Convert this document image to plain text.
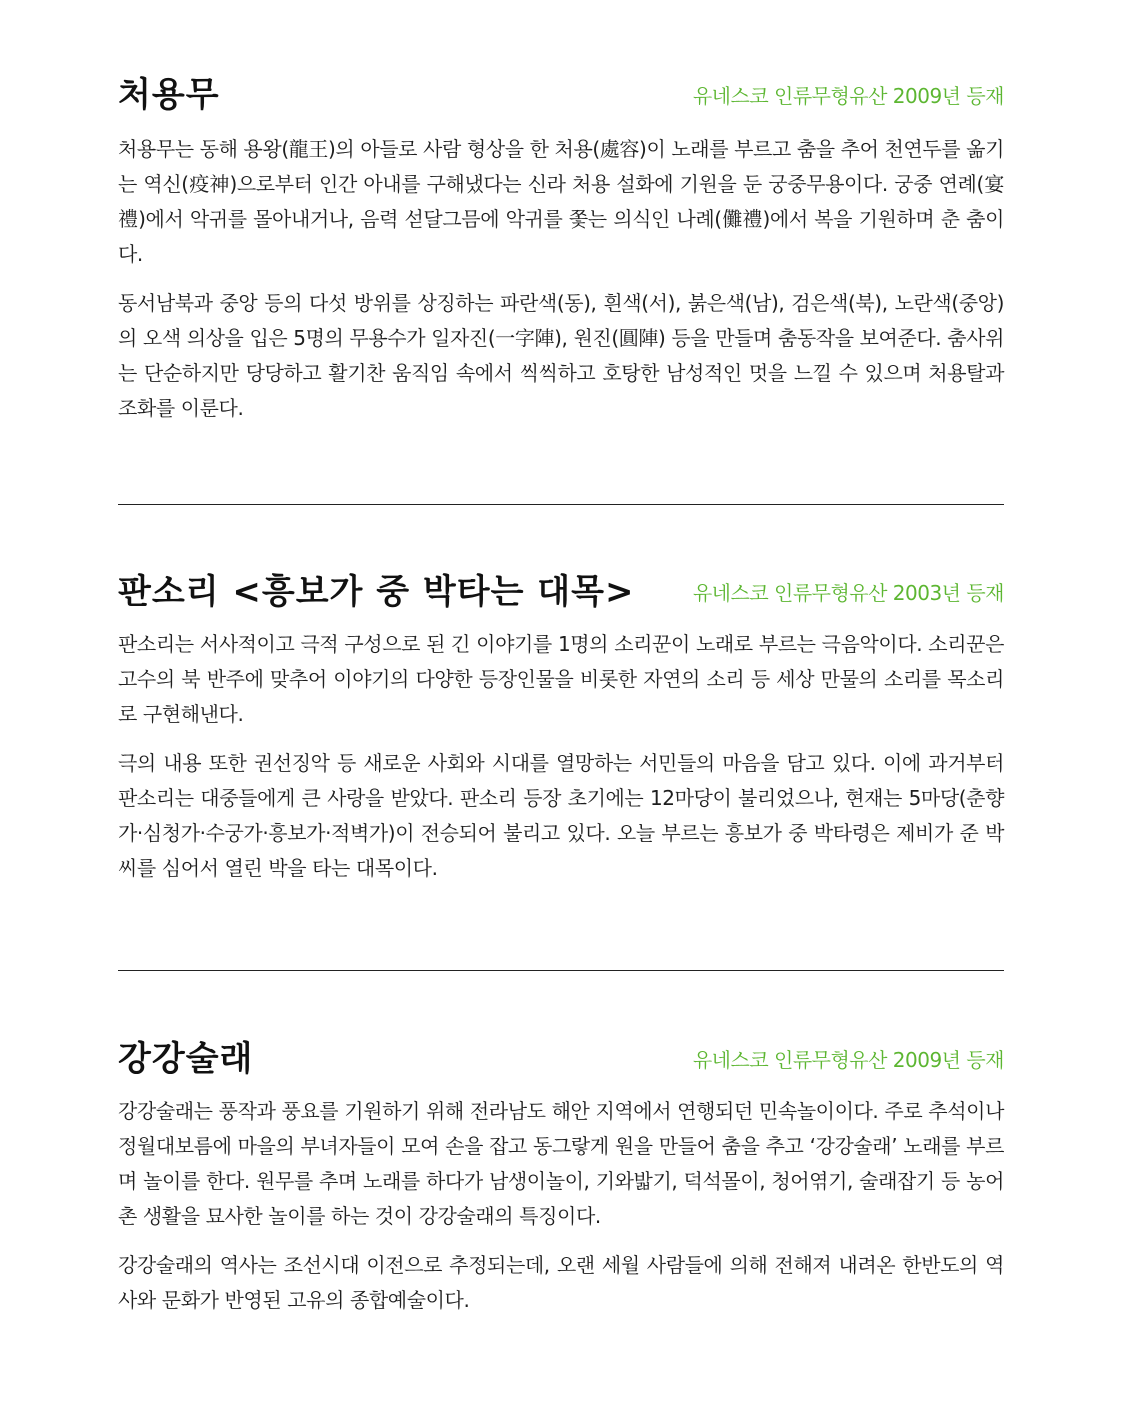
처용무	유네스코 인류무형유산 2009년 등재

처용무는 동해 용왕(龍王)의 아들로 사람 형상을 한 처용(處容)이 노래를 부르고 춤을 추어 천연두를 옮기는 역신(疫神)으로부터 인간 아내를 구해냈다는 신라 처용 설화에 기원을 둔 궁중무용이다. 궁중 연례(宴禮)에서 악귀를 몰아내거나, 음력 섣달그믐에 악귀를 쫓는 의식인 나례(儺禮)에서 복을 기원하며 춘 춤이다.

동서남북과 중앙 등의 다섯 방위를 상징하는 파란색(동), 흰색(서), 붉은색(남), 검은색(북), 노란색(중앙)의 오색 의상을 입은 5명의 무용수가 일자진(一字陣), 원진(圓陣) 등을 만들며 춤동작을 보여준다. 춤사위는 단순하지만 당당하고 활기찬 움직임 속에서 씩씩하고 호탕한 남성적인 멋을 느낄 수 있으며 처용탈과 조화를 이룬다.

판소리 <흥보가 중 박타는 대목>	유네스코 인류무형유산 2003년 등재

판소리는 서사적이고 극적 구성으로 된 긴 이야기를 1명의 소리꾼이 노래로 부르는 극음악이다. 소리꾼은 고수의 북 반주에 맞추어 이야기의 다양한 등장인물을 비롯한 자연의 소리 등 세상 만물의 소리를 목소리로 구현해낸다.

극의 내용 또한 권선징악 등 새로운 사회와 시대를 열망하는 서민들의 마음을 담고 있다. 이에 과거부터 판소리는 대중들에게 큰 사랑을 받았다. 판소리 등장 초기에는 12마당이 불리었으나, 현재는 5마당(춘향가·심청가·수궁가·흥보가·적벽가)이 전승되어 불리고 있다. 오늘 부르는 흥보가 중 박타령은 제비가 준 박씨를 심어서 열린 박을 타는 대목이다.

강강술래	유네스코 인류무형유산 2009년 등재

강강술래는 풍작과 풍요를 기원하기 위해 전라남도 해안 지역에서 연행되던 민속놀이이다. 주로 추석이나 정월대보름에 마을의 부녀자들이 모여 손을 잡고 동그랗게 원을 만들어 춤을 추고 ‘강강술래’ 노래를 부르며 놀이를 한다. 원무를 추며 노래를 하다가 남생이놀이, 기와밟기, 덕석몰이, 청어엮기, 술래잡기 등 농어촌 생활을 묘사한 놀이를 하는 것이 강강술래의 특징이다.

강강술래의 역사는 조선시대 이전으로 추정되는데, 오랜 세월 사람들에 의해 전해져 내려온 한반도의 역사와 문화가 반영된 고유의 종합예술이다.
